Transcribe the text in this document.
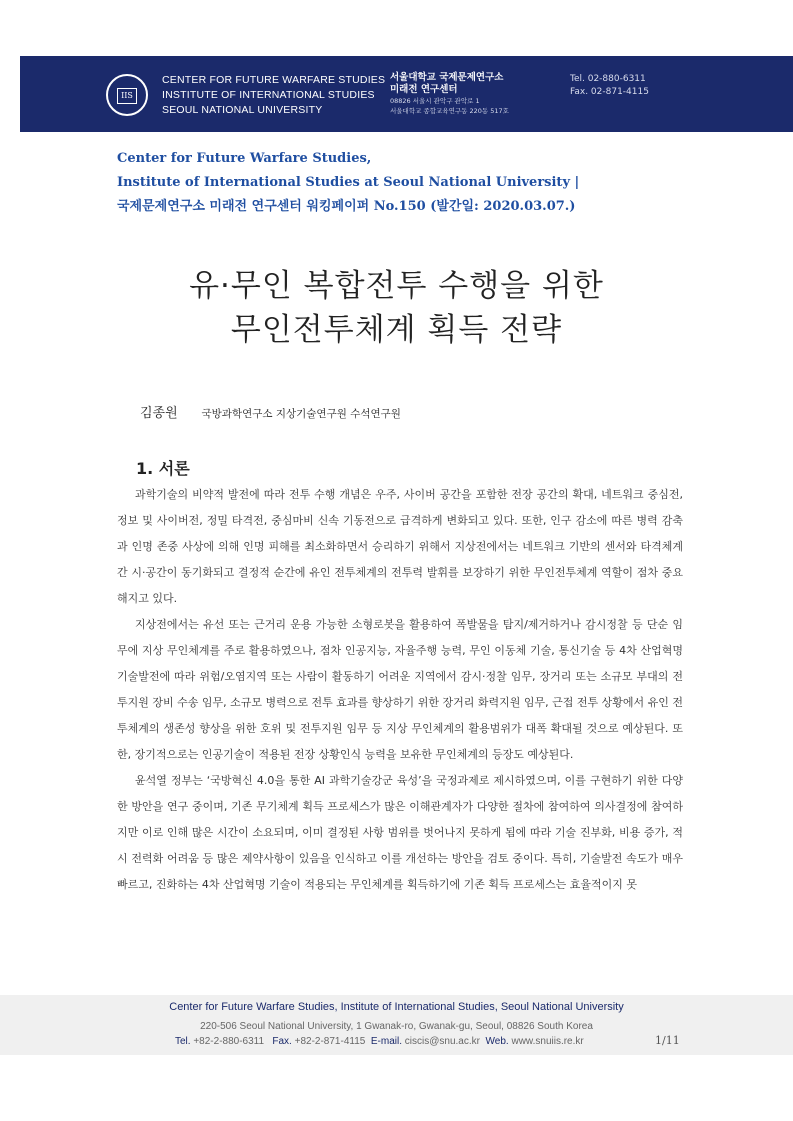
IIS
CENTER FOR FUTURE WARFARE STUDIES
INSTITUTE OF INTERNATIONAL STUDIES
SEOUL NATIONAL UNIVERSITY
서울대학교 국제문제연구소
미래전 연구센터
08826 서울시 관악구 관악로 1
서울대학교 종합교육연구동 220동 517호
Tel. 02-880-6311
Fax. 02-871-4115
Center for Future Warfare Studies,
Institute of International Studies at Seoul National University |
국제문제연구소 미래전 연구센터 워킹페이퍼 No.150 (발간일: 2020.03.07.)
유·무인 복합전투 수행을 위한
무인전투체계 획득 전략
김종원 국방과학연구소 지상기술연구원 수석연구원
1. 서론

과학기술의 비약적 발전에 따라 전투 수행 개념은 우주, 사이버 공간을 포함한 전장 공간의 확대, 네트워크 중심전, 정보 및 사이버전, 정밀 타격전, 중심마비 신속 기동전으로 급격하게 변화되고 있다. 또한, 인구 감소에 따른 병력 감축과 인명 존중 사상에 의해 인명 피해를 최소화하면서 승리하기 위해서 지상전에서는 네트워크 기반의 센서와 타격체계 간 시·공간이 동기화되고 결정적 순간에 유인 전투체계의 전투력 발휘를 보장하기 위한 무인전투체계 역할이 점차 중요해지고 있다.

지상전에서는 유선 또는 근거리 운용 가능한 소형로봇을 활용하여 폭발물을 탐지/제거하거나 감시정찰 등 단순 임무에 지상 무인체계를 주로 활용하였으나, 점차 인공지능, 자율주행 능력, 무인 이동체 기술, 통신기술 등 4차 산업혁명 기술발전에 따라 위험/오염지역 또는 사람이 활동하기 어려운 지역에서 감시·정찰 임무, 장거리 또는 소규모 부대의 전투지원 장비 수송 임무, 소규모 병력으로 전투 효과를 향상하기 위한 장거리 화력지원 임무, 근접 전투 상황에서 유인 전투체계의 생존성 향상을 위한 호위 및 전투지원 임무 등 지상 무인체계의 활용범위가 대폭 확대될 것으로 예상된다. 또한, 장기적으로는 인공기술이 적용된 전장 상황인식 능력을 보유한 무인체계의 등장도 예상된다.

윤석열 정부는 ‘국방혁신 4.0을 통한 AI 과학기술강군 육성’을 국정과제로 제시하였으며, 이를 구현하기 위한 다양한 방안을 연구 중이며, 기존 무기체계 획득 프로세스가 많은 이해관계자가 다양한 절차에 참여하여 의사결정에 참여하지만 이로 인해 많은 시간이 소요되며, 이미 결정된 사항 범위를 벗어나지 못하게 됨에 따라 기술 진부화, 비용 증가, 적시 전력화 어려움 등 많은 제약사항이 있음을 인식하고 이를 개선하는 방안을 검토 중이다. 특히, 기술발전 속도가 매우 빠르고, 진화하는 4차 산업혁명 기술이 적용되는 무인체계를 획득하기에 기존 획득 프로세스는 효율적이지 못

Center for Future Warfare Studies, Institute of International Studies, Seoul National University
220-506 Seoul National University, 1 Gwanak-ro, Gwanak-gu, Seoul, 08826 South Korea
Tel. +82-2-880-6311 Fax. +82-2-871-4115 E-mail. ciscis@snu.ac.kr Web. www.snuiis.re.kr	1/11
